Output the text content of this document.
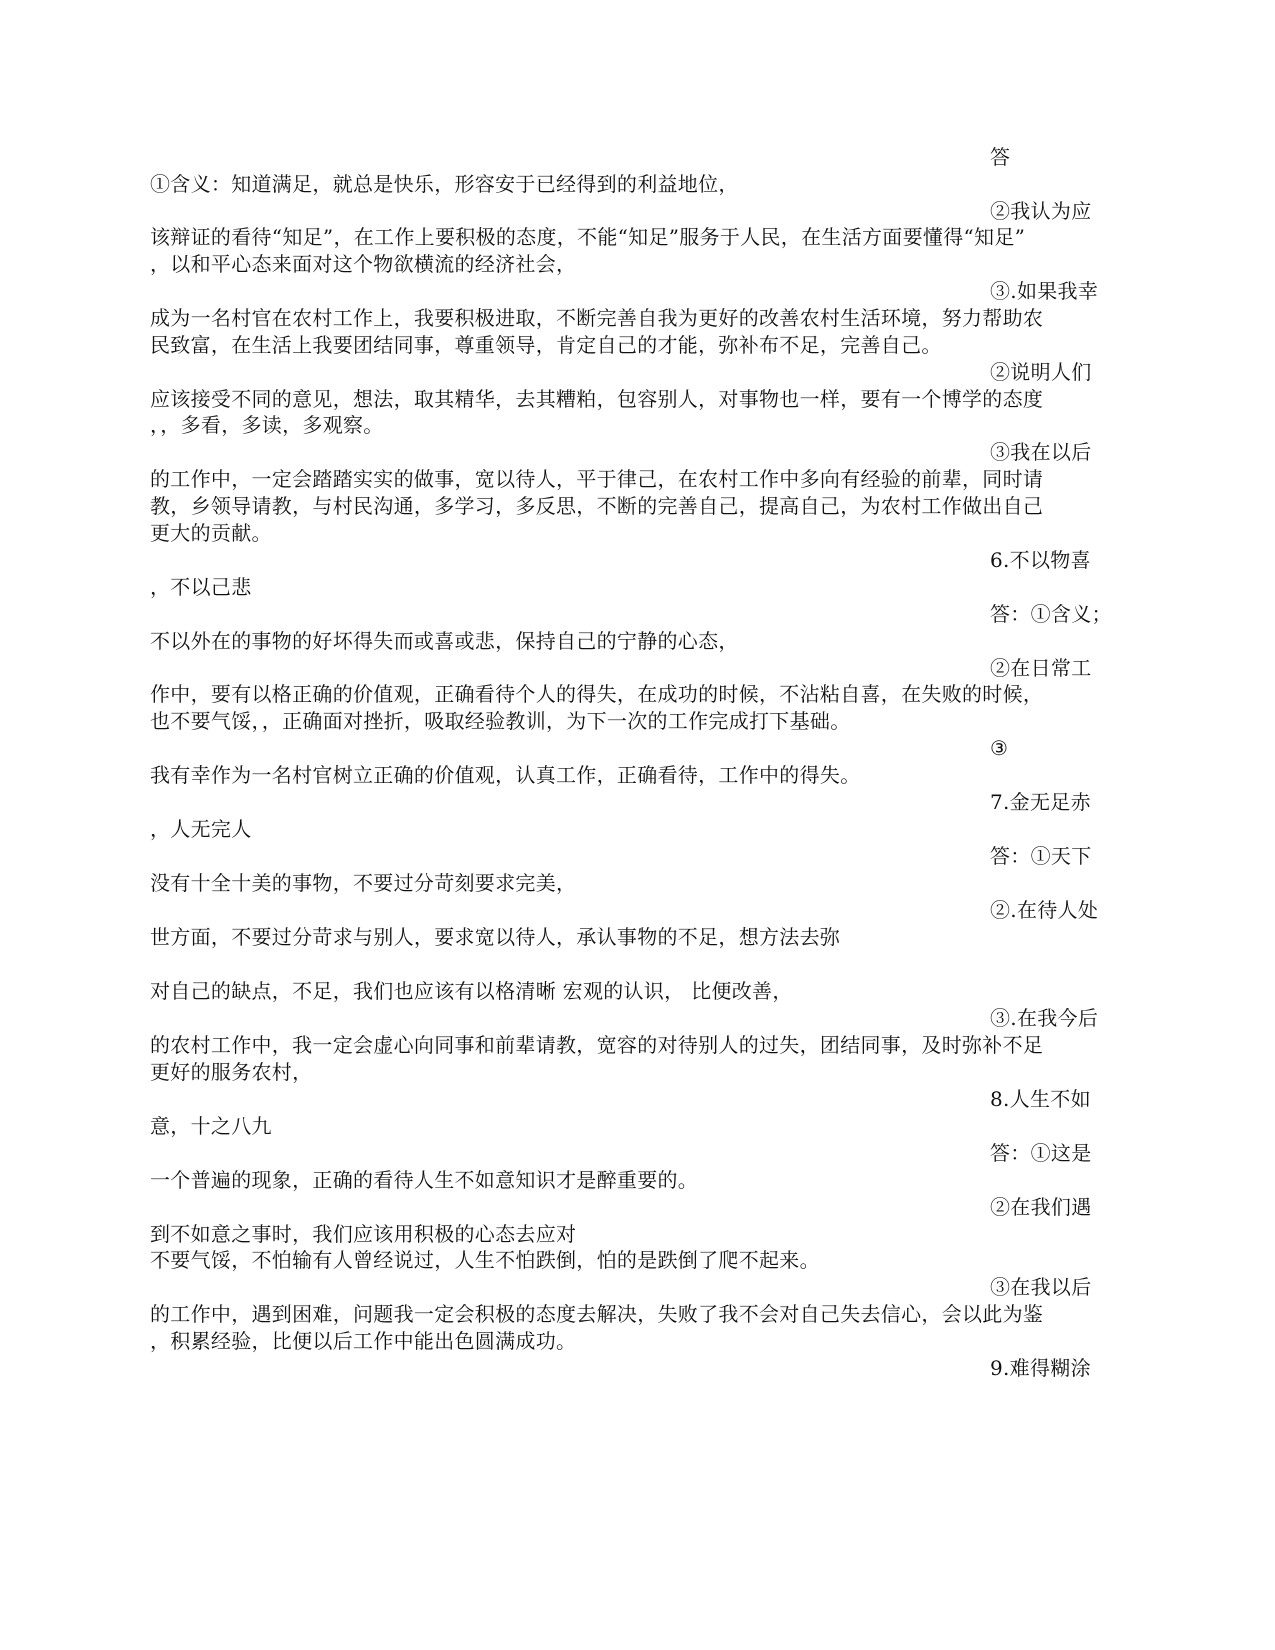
答
①含义：知道满足，就总是快乐，形容安于已经得到的利益地位，
②我认为应
该辩证的看待“知足”，在工作上要积极的态度，不能“知足”服务于人民，在生活方面要懂得“知足”
，以和平心态来面对这个物欲横流的经济社会，
③.如果我幸
成为一名村官在农村工作上，我要积极进取，不断完善自我为更好的改善农村生活环境，努力帮助农
民致富，在生活上我要团结同事，尊重领导，肯定自己的才能，弥补布不足，完善自己。
②说明人们
应该接受不同的意见，想法，取其精华，去其糟粕，包容别人，对事物也一样，要有一个博学的态度
，，多看，多读，多观察。
③我在以后
的工作中，一定会踏踏实实的做事，宽以待人，平于律己，在农村工作中多向有经验的前辈，同时请
教，乡领导请教，与村民沟通，多学习，多反思，不断的完善自己，提高自己，为农村工作做出自己
更大的贡献。
6.不以物喜
，不以己悲
答：①含义；
不以外在的事物的好坏得失而或喜或悲，保持自己的宁静的心态，
②在日常工
作中，要有以格正确的价值观，正确看待个人的得失，在成功的时候，不沾粘自喜，在失败的时候，
也不要气馁，，正确面对挫折，吸取经验教训，为下一次的工作完成打下基础。
③
我有幸作为一名村官树立正确的价值观，认真工作，正确看待，工作中的得失。
7.金无足赤
，人无完人
答：①天下
没有十全十美的事物，不要过分苛刻要求完美，
②.在待人处
世方面，不要过分苛求与别人，要求宽以待人，承认事物的不足，想方法去弥
对自己的缺点，不足，我们也应该有以格清晰 宏观的认识， 比便改善，
③.在我今后
的农村工作中，我一定会虚心向同事和前辈请教，宽容的对待别人的过失，团结同事，及时弥补不足
更好的服务农村，
8.人生不如
意，十之八九
答：①这是
一个普遍的现象，正确的看待人生不如意知识才是醉重要的。
②在我们遇
到不如意之事时，我们应该用积极的心态去应对
不要气馁，不怕输有人曾经说过，人生不怕跌倒，怕的是跌倒了爬不起来。
③在我以后
的工作中，遇到困难，问题我一定会积极的态度去解决，失败了我不会对自己失去信心，会以此为鉴
，积累经验，比便以后工作中能出色圆满成功。
9.难得糊涂
